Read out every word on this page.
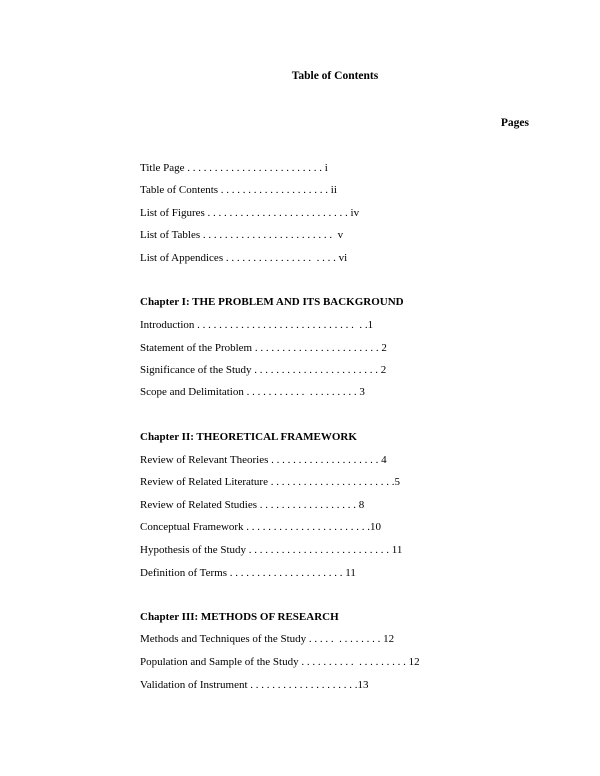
Table of Contents
Pages
Title Page . . . . . . . . . . . . . . . . . . . . . . . . . i
Table of Contents . . . . . . . . . . . . . . . . . . . . ii
List of Figures . . . . . . . . . . . . . . . . . . . . . . . . . . iv
List of Tables . . . . . . . . . . . . . . . . . . . . . . . .  v
List of Appendices . . . . . . . . . . . . . . . .  . . . . vi
Chapter I: THE PROBLEM AND ITS BACKGROUND
Introduction . . . . . . . . . . . . . . . . . . . . . . . . . . . . .  . .1
Statement of the Problem . . . . . . . . . . . . . . . . . . . . . . . 2
Significance of the Study . . . . . . . . . . . . . . . . . . . . . . . 2
Scope and Delimitation . . . . . . . . . . .  . . . . . . . . . 3
Chapter II: THEORETICAL FRAMEWORK
Review of Relevant Theories . . . . . . . . . . . . . . . . . . . . 4
Review of Related Literature . . . . . . . . . . . . . . . . . . . . . . .5
Review of Related Studies . . . . . . . . . . . . . . . . . . 8
Conceptual Framework . . . . . . . . . . . . . . . . . . . . . . .10
Hypothesis of the Study . . . . . . . . . . . . . . . . . . . . . . . . . . 11
Definition of Terms . . . . . . . . . . . . . . . . . . . . . 11
Chapter III: METHODS OF RESEARCH
Methods and Techniques of the Study . . . . .  . . . . . . . . 12
Population and Sample of the Study . . . . . . . . . .  . . . . . . . . . 12
Validation of Instrument . . . . . . . . . . . . . . . . . . . .13
